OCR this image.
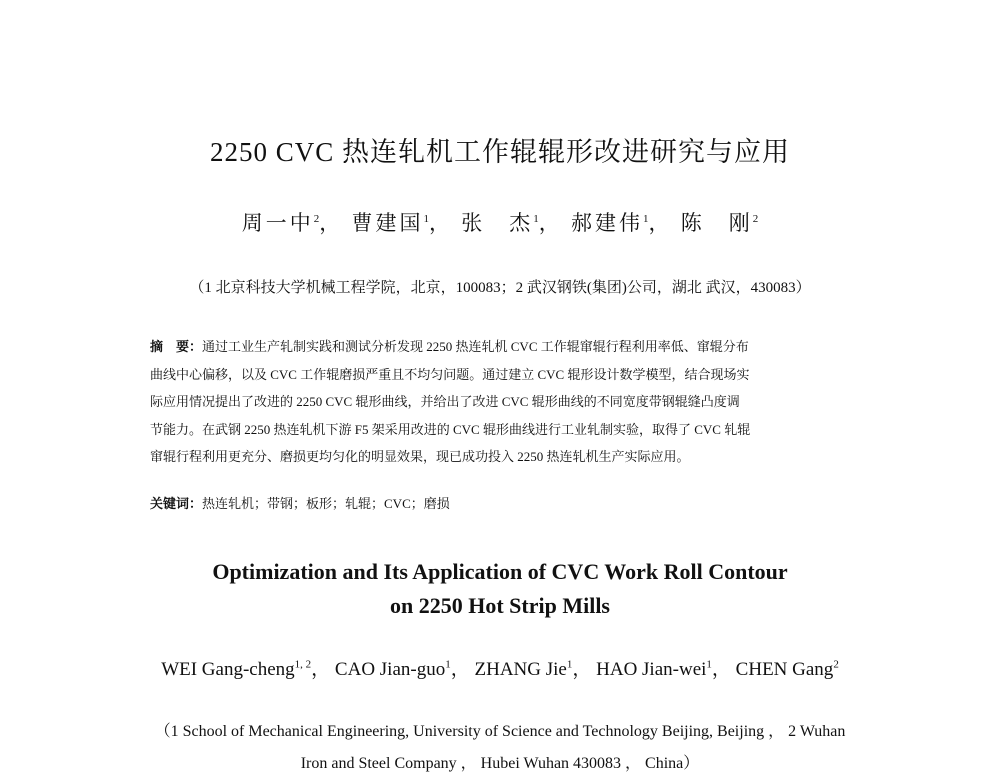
2250 CVC 热连轧机工作辊辊形改进研究与应用
周一中$^2$， 曹建国$^1$， 张　杰$^1$， 郝建伟$^1$， 陈　刚$^2$
（1 北京科技大学机械工程学院，北京，100083；2 武汉钢铁(集团)公司，湖北 武汉，430083）
摘　要：通过工业生产轧制实践和测试分析发现 2250 热连轧机 CVC 工作辊窜辊行程利用率低、窜辊分布
曲线中心偏移，以及 CVC 工作辊磨损严重且不均匀问题。通过建立 CVC 辊形设计数学模型，结合现场实
际应用情况提出了改进的 2250 CVC 辊形曲线，并给出了改进 CVC 辊形曲线的不同宽度带钢辊缝凸度调
节能力。在武钢 2250 热连轧机下游 F5 架采用改进的 CVC 辊形曲线进行工业轧制实验，取得了 CVC 轧辊
窜辊行程利用更充分、磨损更均匀化的明显效果，现已成功投入 2250 热连轧机生产实际应用。
关键词：热连轧机；带钢；板形；轧辊；CVC；磨损
Optimization and Its Application of CVC Work Roll Contour
on 2250 Hot Strip Mills
WEI Gang-cheng$^{1, 2}$， CAO Jian-guo$^1$， ZHANG Jie$^1$， HAO Jian-wei$^1$， CHEN Gang$^2$
（1 School of Mechanical Engineering, University of Science and Technology Beijing, Beijing ， 2 Wuhan
Iron and Steel Company ， Hubei Wuhan 430083 ， China）
